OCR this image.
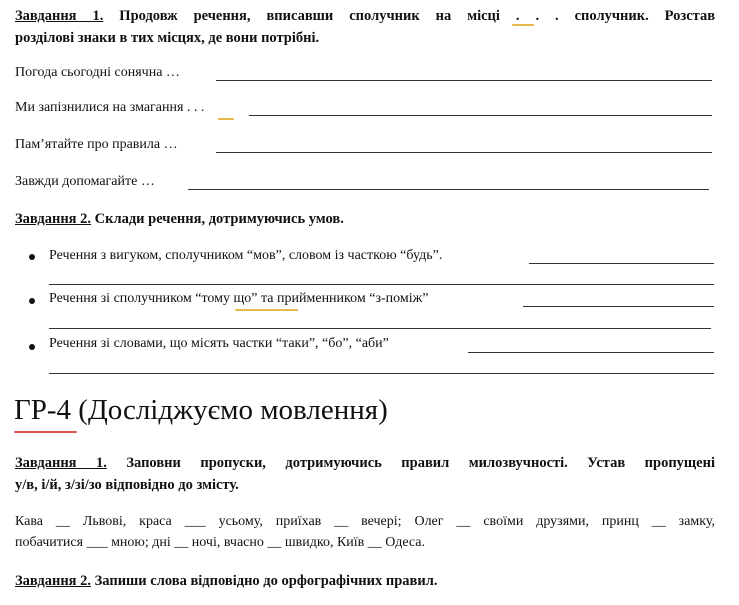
Завдання 1. Продовж речення, вписавши сполучник на місці . . . сполучник. Розстав
розділові знаки в тих місцях, де вони потрібні.
Погода сьогодні сонячна …
Ми запізнилися на змагання . . .
Пам’ятайте про правила …
Завжди допомагайте …
Завдання 2. Склади речення, дотримуючись умов.
Речення з вигуком, сполучником “мов”, словом із часткою “будь”.
Речення зі сполучником “тому що” та прийменником “з-поміж”
Речення зі словами, що місять частки “таки”, “бо”, “аби”
ГР-4 (Досліджуємо мовлення)
Завдання 1. Заповни пропуски, дотримуючись правил милозвучності. Устав пропущені
у/в, і/й, з/зі/зо відповідно до змісту.
Кава __ Львові, краса ___ усьому, приїхав __ вечері; Олег __ своїми друзями, принц __ замку,
побачитися ___ мною; дні __ ночі, вчасно __ швидко, Київ __ Одеса.
Завдання 2. Запиши слова відповідно до орфографічних правил.
